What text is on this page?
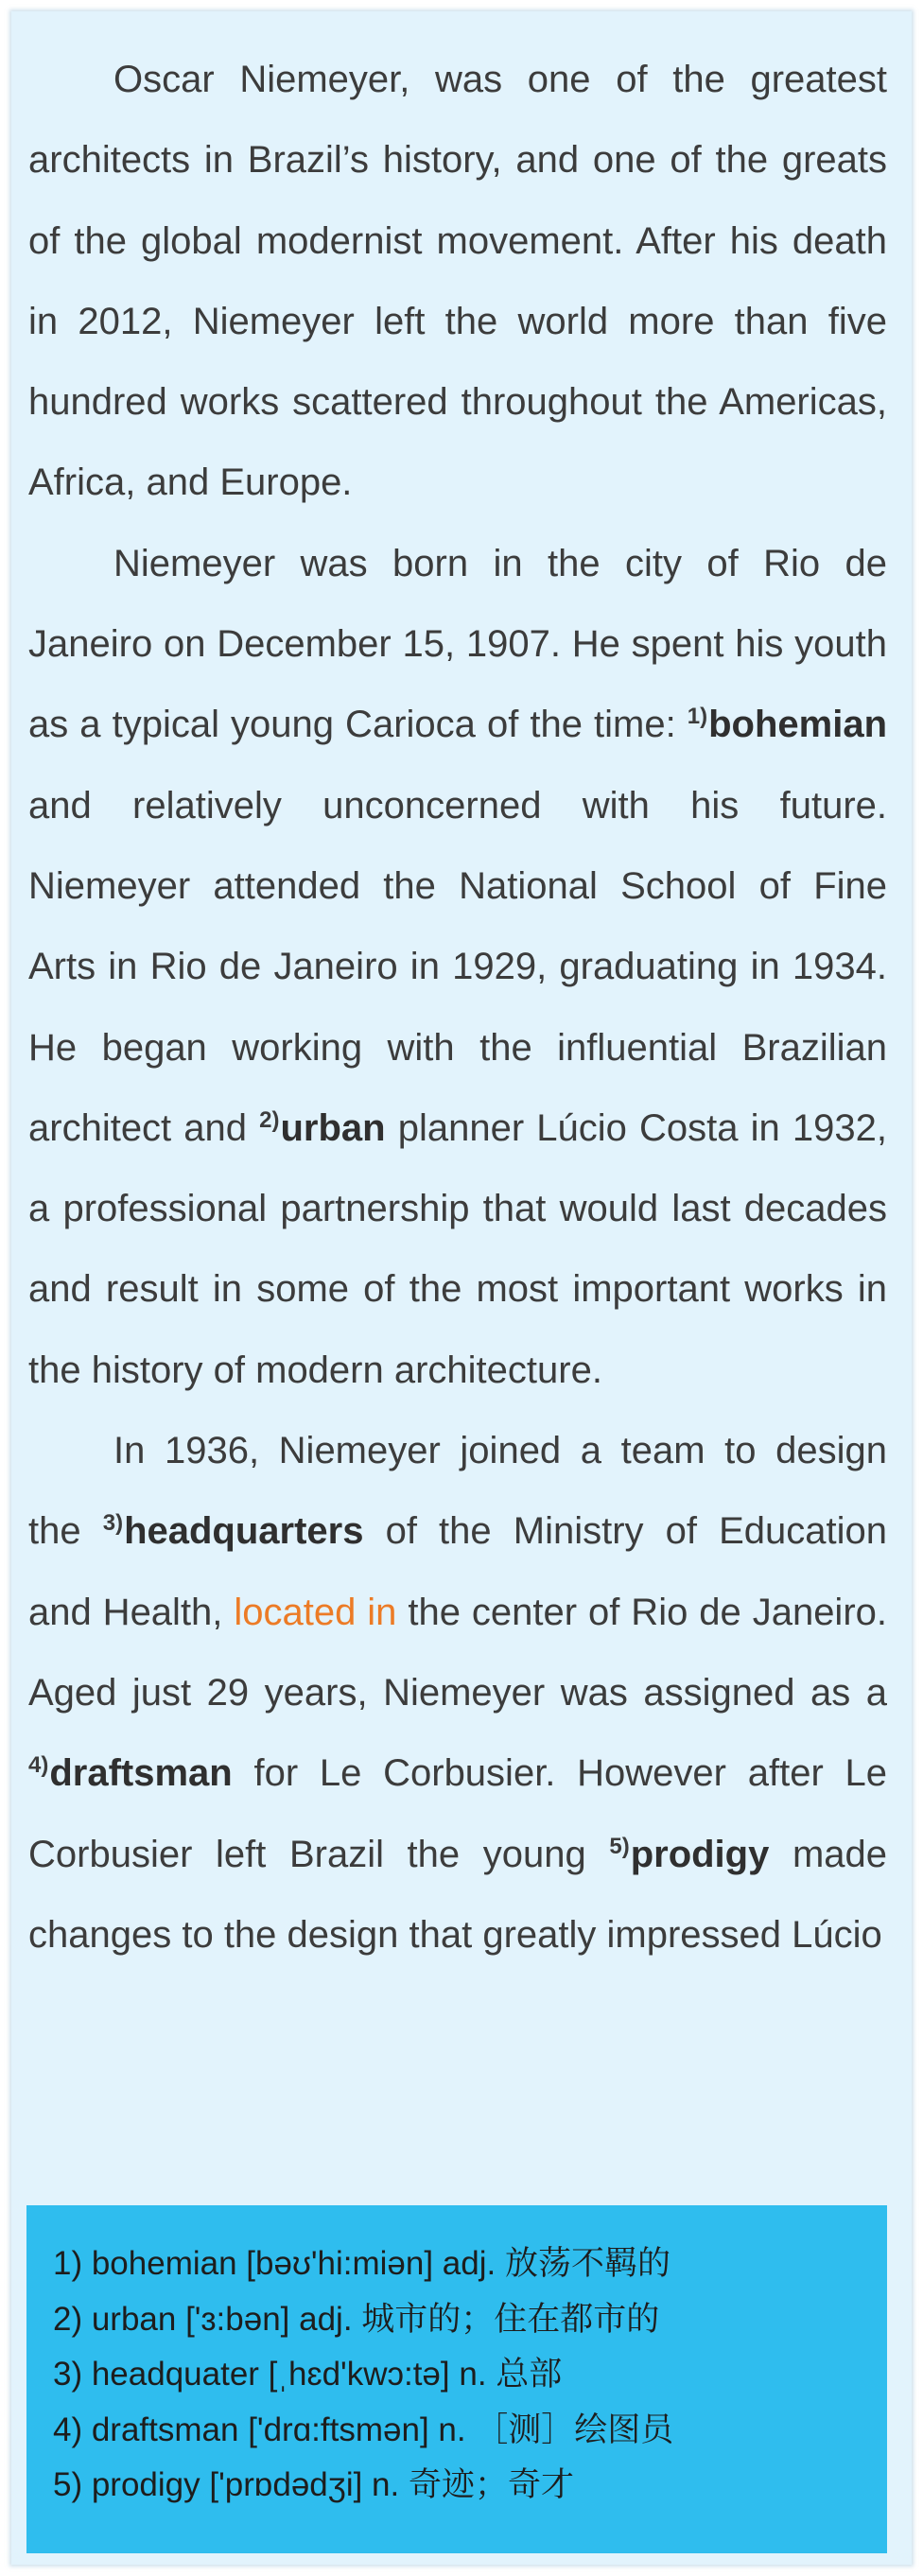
Oscar Niemeyer, was one of the greatest architects in Brazil’s history, and one of the greats of the global modernist movement. After his death in 2012, Niemeyer left the world more than five hundred works scattered throughout the Americas, Africa, and Europe.

Niemeyer was born in the city of Rio de Janeiro on December 15, 1907. He spent his youth as a typical young Carioca of the time: $^{1)}$bohemian and relatively unconcerned with his future. Niemeyer attended the National School of Fine Arts in Rio de Janeiro in 1929, graduating in 1934. He began working with the influential Brazilian architect and $^{2)}$urban planner Lúcio Costa in 1932, a professional partnership that would last decades and result in some of the most important works in the history of modern architecture.

In 1936, Niemeyer joined a team to design the $^{3)}$headquarters of the Ministry of Education and Health, located in the center of Rio de Janeiro. Aged just 29 years, Niemeyer was assigned as a $^{4)}$draftsman for Le Corbusier. However after Le Corbusier left Brazil the young $^{5)}$prodigy made changes to the design that greatly impressed Lúcio

1) bohemian [bəʊ'hi:miən] adj. 放荡不羁的
2) urban ['ɜ:bən] adj. 城市的；住在都市的
3) headquater [ˌhɛd'kwɔ:tə] n. 总部
4) draftsman ['drɑ:ftsmən] n. ［测］绘图员
5) prodigy ['prɒdədʒi] n. 奇迹；奇才
